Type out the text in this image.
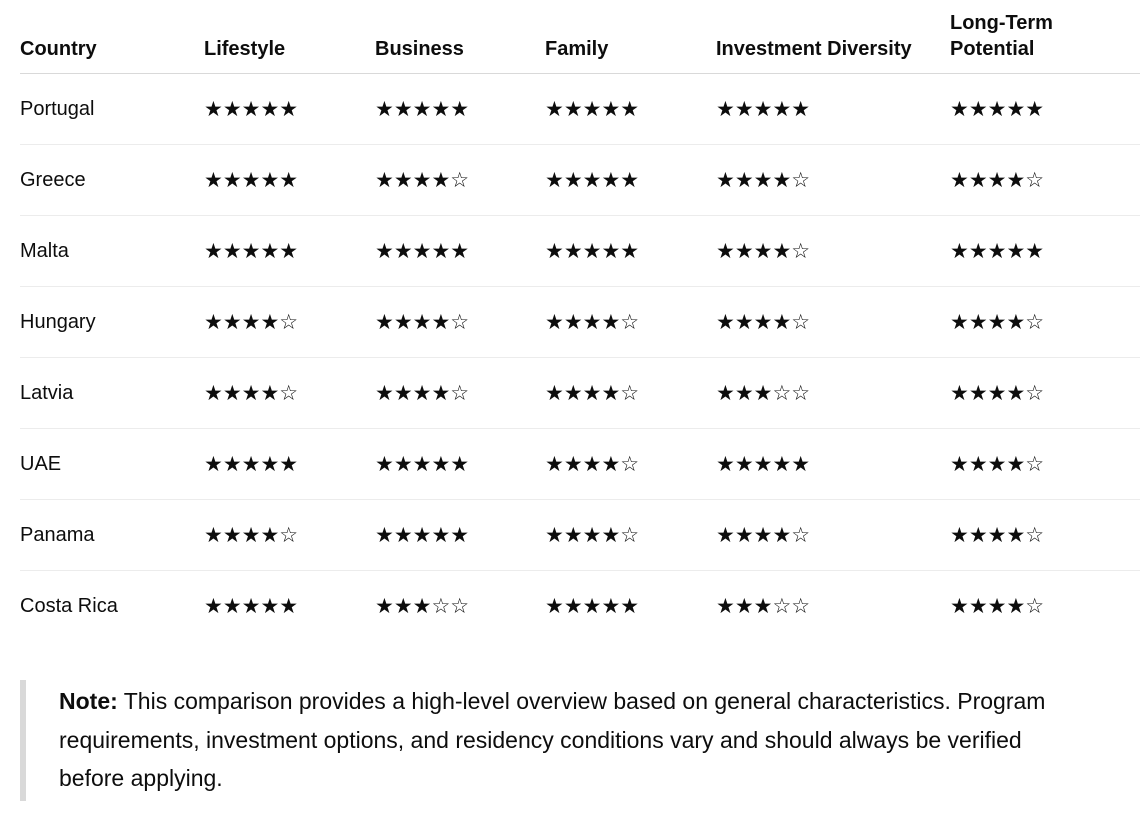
Country	Lifestyle	Business	Family	Investment Diversity	Long-Term Potential
Portugal	★★★★★	★★★★★	★★★★★	★★★★★	★★★★★
Greece	★★★★★	★★★★☆	★★★★★	★★★★☆	★★★★☆
Malta	★★★★★	★★★★★	★★★★★	★★★★☆	★★★★★
Hungary	★★★★☆	★★★★☆	★★★★☆	★★★★☆	★★★★☆
Latvia	★★★★☆	★★★★☆	★★★★☆	★★★☆☆	★★★★☆
UAE	★★★★★	★★★★★	★★★★☆	★★★★★	★★★★☆
Panama	★★★★☆	★★★★★	★★★★☆	★★★★☆	★★★★☆
Costa Rica	★★★★★	★★★☆☆	★★★★★	★★★☆☆	★★★★☆
Note: This comparison provides a high-level overview based on general characteristics. Program requirements, investment options, and residency conditions vary and should always be verified before applying.
